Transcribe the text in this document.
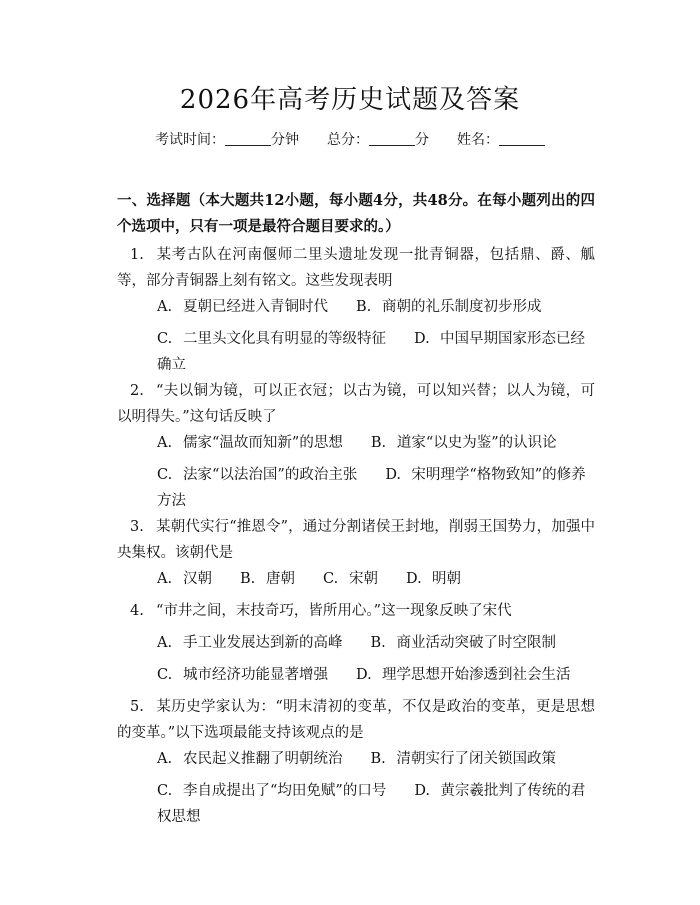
2026年高考历史试题及答案
考试时间：	分钟 总分：	分 姓名：
一、选择题（本大题共12小题，每小题4分，共48分。在每小题列出的四个选项中，只有一项是最符合题目要求的。）
1. 某考古队在河南偃师二里头遗址发现一批青铜器，包括鼎、爵、觚等，部分青铜器上刻有铭文。这些发现表明
A. 夏朝已经进入青铜时代 B. 商朝的礼乐制度初步形成
C. 二里头文化具有明显的等级特征 D. 中国早期国家形态已经确立
2. “夫以铜为镜，可以正衣冠；以古为镜，可以知兴替；以人为镜，可以明得失。”这句话反映了
A. 儒家“温故而知新”的思想 B. 道家“以史为鉴”的认识论
C. 法家“以法治国”的政治主张 D. 宋明理学“格物致知”的修养方法
3. 某朝代实行“推恩令”，通过分割诸侯王封地，削弱王国势力，加强中央集权。该朝代是
A. 汉朝 B. 唐朝 C. 宋朝 D. 明朝
4. “市井之间，末技奇巧，皆所用心。”这一现象反映了宋代
A. 手工业发展达到新的高峰 B. 商业活动突破了时空限制
C. 城市经济功能显著增强 D. 理学思想开始渗透到社会生活
5. 某历史学家认为：“明末清初的变革，不仅是政治的变革，更是思想的变革。”以下选项最能支持该观点的是
A. 农民起义推翻了明朝统治 B. 清朝实行了闭关锁国政策
C. 李自成提出了“均田免赋”的口号 D. 黄宗羲批判了传统的君权思想
